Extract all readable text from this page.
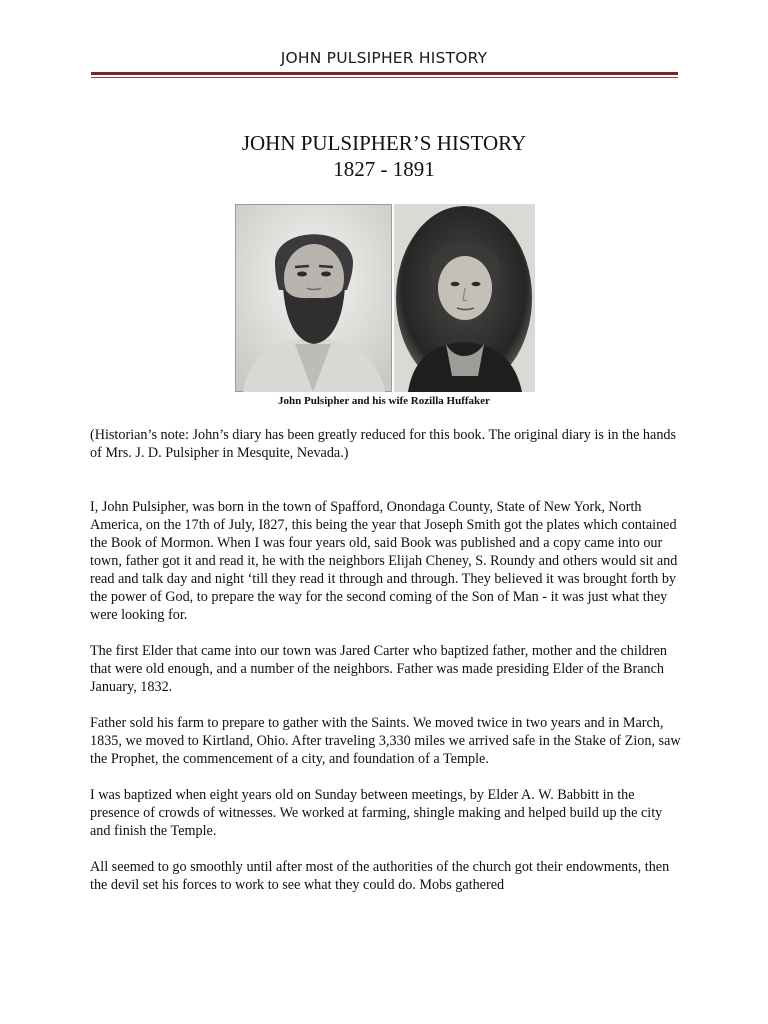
JOHN PULSIPHER HISTORY
JOHN PULSIPHER’S HISTORY
1827 - 1891
John Pulsipher and his wife Rozilla Huffaker

(Historian’s note: John’s diary has been greatly reduced for this book. The original diary is in the hands of Mrs. J. D. Pulsipher in Mesquite, Nevada.)

I, John Pulsipher, was born in the town of Spafford, Onondaga County, State of New York, North America, on the 17th of July, I827, this being the year that Joseph Smith got the plates which contained the Book of Mormon. When I was four years old, said Book was published and a copy came into our town, father got it and read it, he with the neighbors Elijah Cheney, S. Roundy and others would sit and read and talk day and night ‘till they read it through and through. They believed it was brought forth by the power of God, to prepare the way for the second coming of the Son of Man - it was just what they were looking for.

The first Elder that came into our town was Jared Carter who baptized father, mother and the children that were old enough, and a number of the neighbors. Father was made presiding Elder of the Branch January, 1832.

Father sold his farm to prepare to gather with the Saints. We moved twice in two years and in March, 1835, we moved to Kirtland, Ohio. After traveling 3,330 miles we arrived safe in the Stake of Zion, saw the Prophet, the commencement of a city, and foundation of a Temple.

I was baptized when eight years old on Sunday between meetings, by Elder A. W. Babbitt in the presence of crowds of witnesses. We worked at farming, shingle making and helped build up the city and finish the Temple.

All seemed to go smoothly until after most of the authorities of the church got their endowments, then the devil set his forces to work to see what they could do. Mobs gathered
